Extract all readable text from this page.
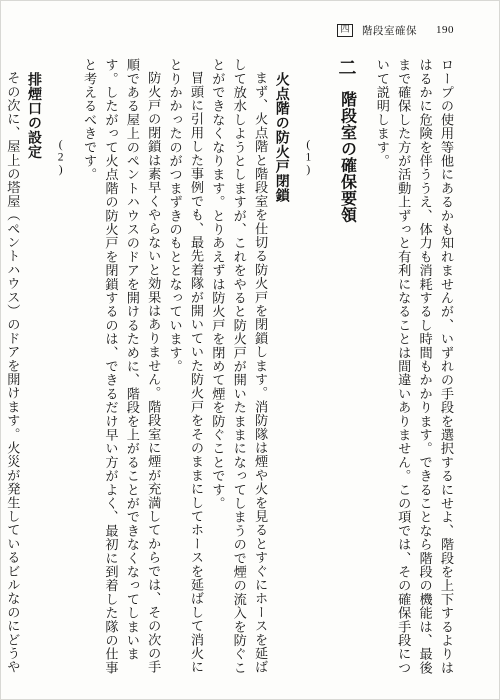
四 階段室確保 190

ロープの使用等他にあるかも知れませんが、いずれの手段を選択するにせよ、階段を上下するよりははるかに危険を伴ううえ、体力も消耗するし時間もかかります。できることなら階段の機能は、最後まで確保した方が活動上ずっと有利になることは間違いありません。この項では、その確保手段について説明します。

二
階段室の確保要領
(1)
火点階の防火戸閉鎖

まず、火点階と階段室を仕切る防火戸を閉鎖します。消防隊は煙や火を見るとすぐにホースを延ばして放水しようとしますが、これをやると防火戸が開いたままになってしまうので煙の流入を防ぐことができなくなります。とりあえずは防火戸を閉めて煙を防ぐことです。

冒頭に引用した事例でも、最先着隊が開いていた防火戸をそのままにしてホースを延ばして消火にとりかかったのがつまずきのもととなっています。

防火戸の閉鎖は素早くやらないと効果はありません。階段室に煙が充満してからでは、その次の手順である屋上のペントハウスのドアを開けるために、階段を上がることができなくなってしまいます。したがって火点階の防火戸を閉鎖するのは、できるだけ早い方がよく、最初に到着した隊の仕事と考えるべきです。

(2)
排煙口の設定

その次に、屋上の塔屋（ペントハウス）のドアを開けます。火災が発生しているビルなのにどうや
